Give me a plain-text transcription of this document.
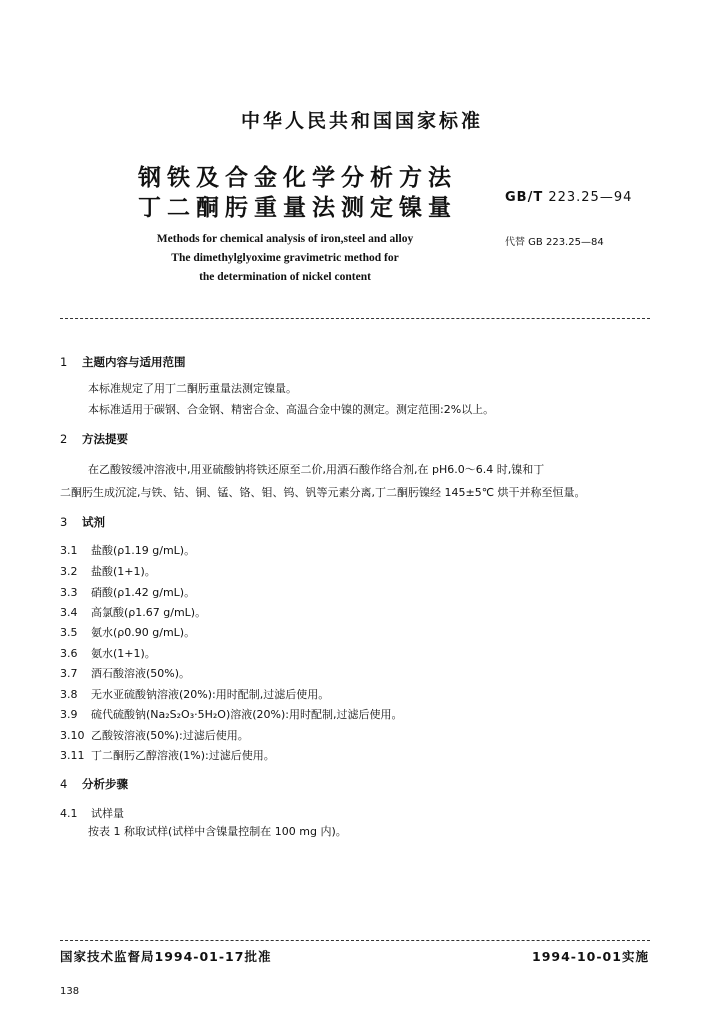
中华人民共和国国家标准
钢铁及合金化学分析方法
丁二酮肟重量法测定镍量	GB/T 223.25—94
Methods for chemical analysis of iron,steel and alloy
The dimethylglyoxime gravimetric method for
the determination of nickel content
代替 GB 223.25—84
1 主题内容与适用范围
本标准规定了用丁二酮肟重量法测定镍量。
本标准适用于碳钢、合金钢、精密合金、高温合金中镍的测定。测定范围:2%以上。
2 方法提要
在乙酸铵缓冲溶液中,用亚硫酸钠将铁还原至二价,用酒石酸作络合剂,在 pH6.0～6.4 时,镍和丁
二酮肟生成沉淀,与铁、钴、铜、锰、铬、钼、钨、钒等元素分离,丁二酮肟镍经 145±5℃ 烘干并称至恒量。
3 试剂
3.1 盐酸(ρ1.19 g/mL)。
3.2 盐酸(1+1)。
3.3 硝酸(ρ1.42 g/mL)。
3.4 高氯酸(ρ1.67 g/mL)。
3.5 氨水(ρ0.90 g/mL)。
3.6 氨水(1+1)。
3.7 酒石酸溶液(50%)。
3.8 无水亚硫酸钠溶液(20%):用时配制,过滤后使用。
3.9 硫代硫酸钠(Na₂S₂O₃·5H₂O)溶液(20%):用时配制,过滤后使用。
3.10 乙酸铵溶液(50%):过滤后使用。
3.11 丁二酮肟乙醇溶液(1%):过滤后使用。
4 分析步骤
4.1 试样量
按表 1 称取试样(试样中含镍量控制在 100 mg 内)。
国家技术监督局1994-01-17批准	1994-10-01实施
138
